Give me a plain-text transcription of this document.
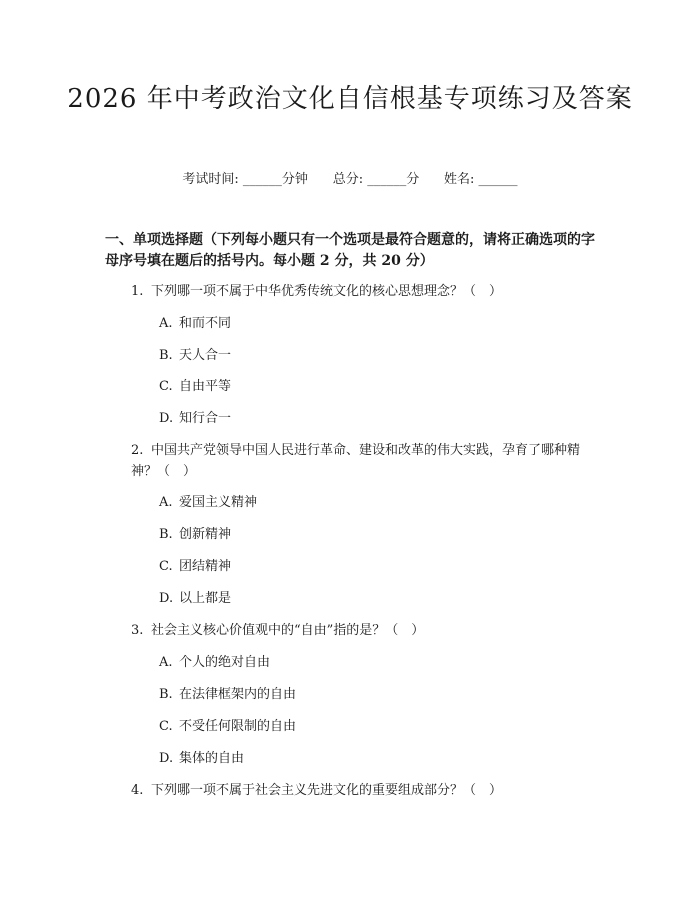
2026 年中考政治文化自信根基专项练习及答案
考试时间: ______分钟 总分: ______分 姓名: ______

一、单项选择题（下列每小题只有一个选项是最符合题意的，请将正确选项的字母序号填在题后的括号内。每小题 2 分，共 20 分）

1. 下列哪一项不属于中华优秀传统文化的核心思想理念？（　）

A. 和而不同

B. 天人合一

C. 自由平等

D. 知行合一

2. 中国共产党领导中国人民进行革命、建设和改革的伟大实践，孕育了哪种精神？（　）

A. 爱国主义精神

B. 创新精神

C. 团结精神

D. 以上都是

3. 社会主义核心价值观中的“自由”指的是？（　）

A. 个人的绝对自由

B. 在法律框架内的自由

C. 不受任何限制的自由

D. 集体的自由

4. 下列哪一项不属于社会主义先进文化的重要组成部分？（　）
